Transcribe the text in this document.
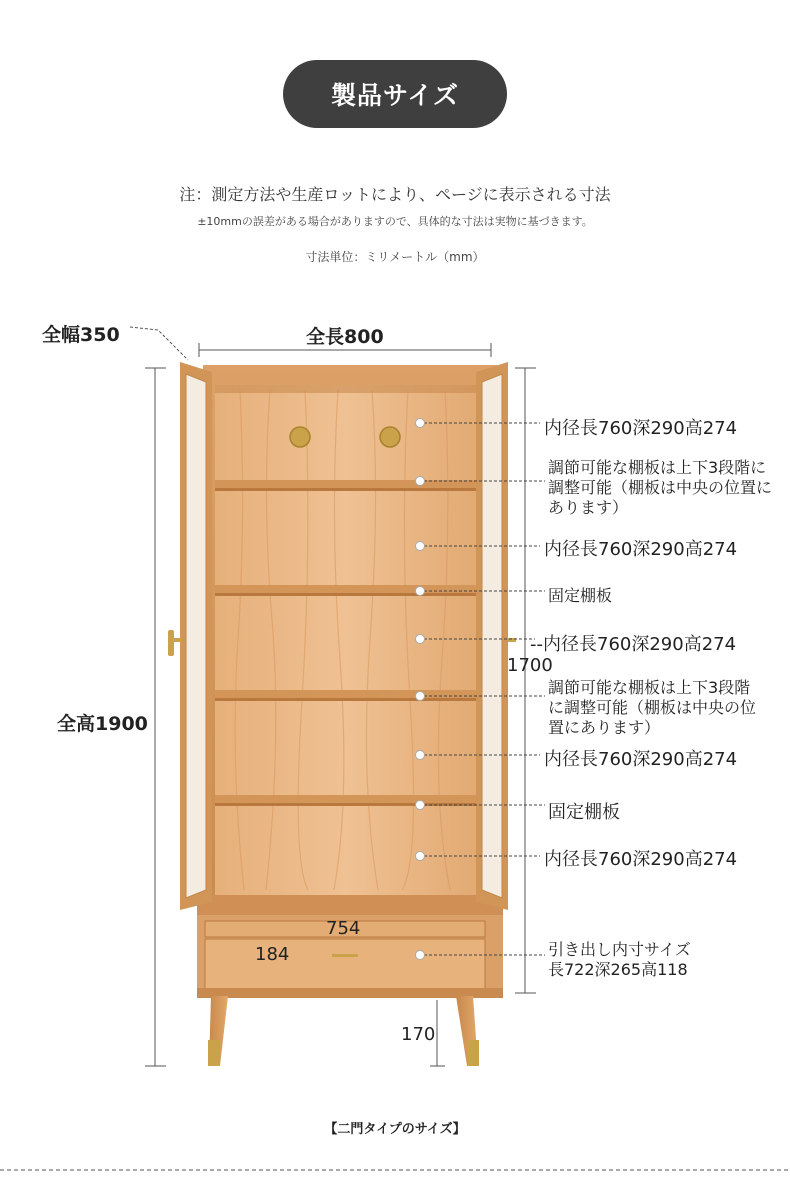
製品サイズ
注：測定方法や生産ロットにより、ページに表示される寸法
±10mmの誤差がある場合がありますので、具体的な寸法は実物に基づきます。
寸法単位：ミリメートル（mm）
全幅350	全長800
全高1900
1700
754
184
170
内径長760深290高274
調節可能な棚板は上下3段階に
調整可能（棚板は中央の位置に
あります）
内径長760深290高274
固定棚板
--内径長760深290高274
調節可能な棚板は上下3段階
に調整可能（棚板は中央の位
置にあります）
内径長760深290高274
固定棚板
内径長760深290高274
引き出し内寸サイズ
長722深265高118
【二門タイプのサイズ】
